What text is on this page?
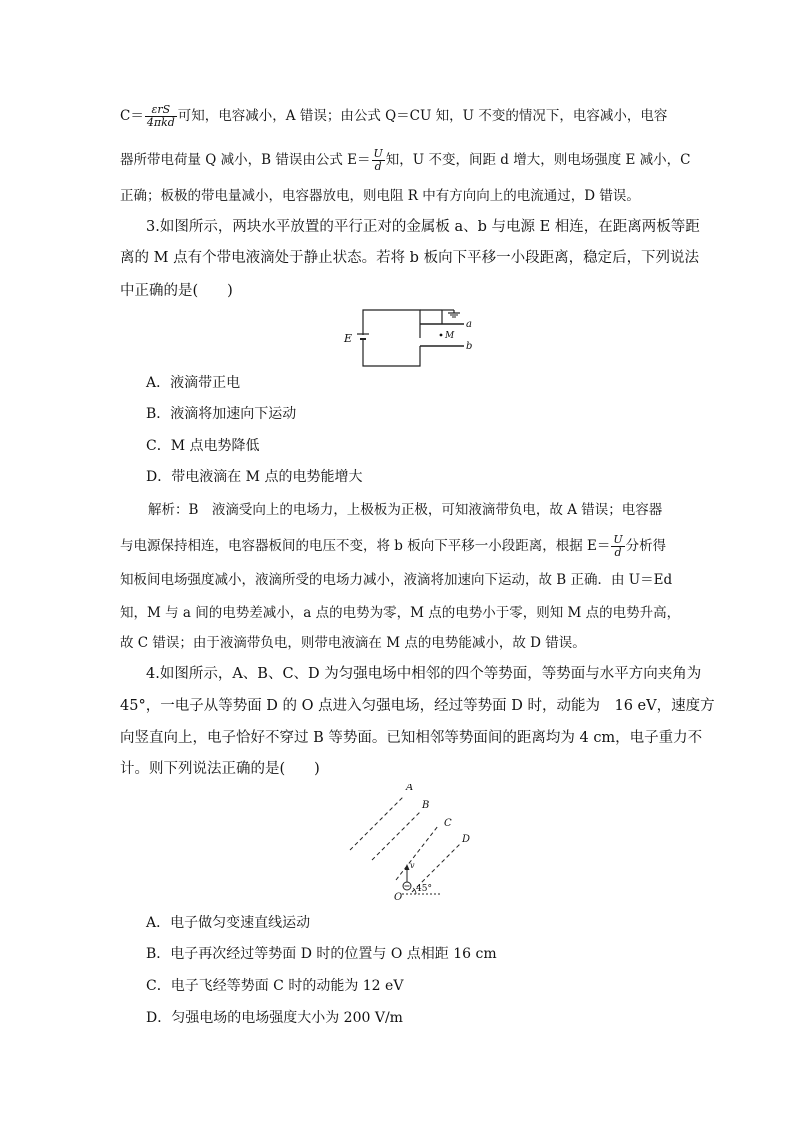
$C= \frac{\text{εrS}}{\text{4πkd}}$ 可知，电容减小，A 错误；由公式 Q＝CU 知，U 不变的情况下，电容减小，电容
器所带电荷量 Q 减小，B 错误由公式 $E= \frac{U}{d}$ 知，U 不变，间距 d 增大，则电场强度 E 减小，C
正确；板极的带电量减小，电容器放电，则电阻 R 中有方向向上的电流通过，D 错误。
3.如图所示，两块水平放置的平行正对的金属板 a、b 与电源 E 相连，在距离两板等距
离的 M 点有个带电液滴处于静止状态。若将 b 板向下平移一小段距离，稳定后，下列说法
中正确的是(　　)
E
a
b
M
A．液滴带正电
B．液滴将加速向下运动
C．M 点电势降低
D．带电液滴在 M 点的电势能增大
解析：B　液滴受向上的电场力，上极板为正极，可知液滴带负电，故 A 错误；电容器
与电源保持相连，电容器板间的电压不变，将 b 板向下平移一小段距离，根据 $E= \frac{U}{d}$ 分析得
知板间电场强度减小，液滴所受的电场力减小，液滴将加速向下运动，故 B 正确．由 U＝Ed
知，M 与 a 间的电势差减小，a 点的电势为零，M 点的电势小于零，则知 M 点的电势升高，
故 C 错误；由于液滴带负电，则带电液滴在 M 点的电势能减小，故 D 错误。
4.如图所示，A、B、C、D 为匀强电场中相邻的四个等势面，等势面与水平方向夹角为
45°，一电子从等势面 D 的 O 点进入匀强电场，经过等势面 D 时，动能为　16 eV，速度方
向竖直向上，电子恰好不穿过 B 等势面。已知相邻等势面间的距离均为 4 cm，电子重力不
计。则下列说法正确的是(　　)
A
B
C
D
O
v
45°
A．电子做匀变速直线运动
B．电子再次经过等势面 D 时的位置与 O 点相距 16 cm
C．电子飞经等势面 C 时的动能为 12 eV
D．匀强电场的电场强度大小为 200 V/m
